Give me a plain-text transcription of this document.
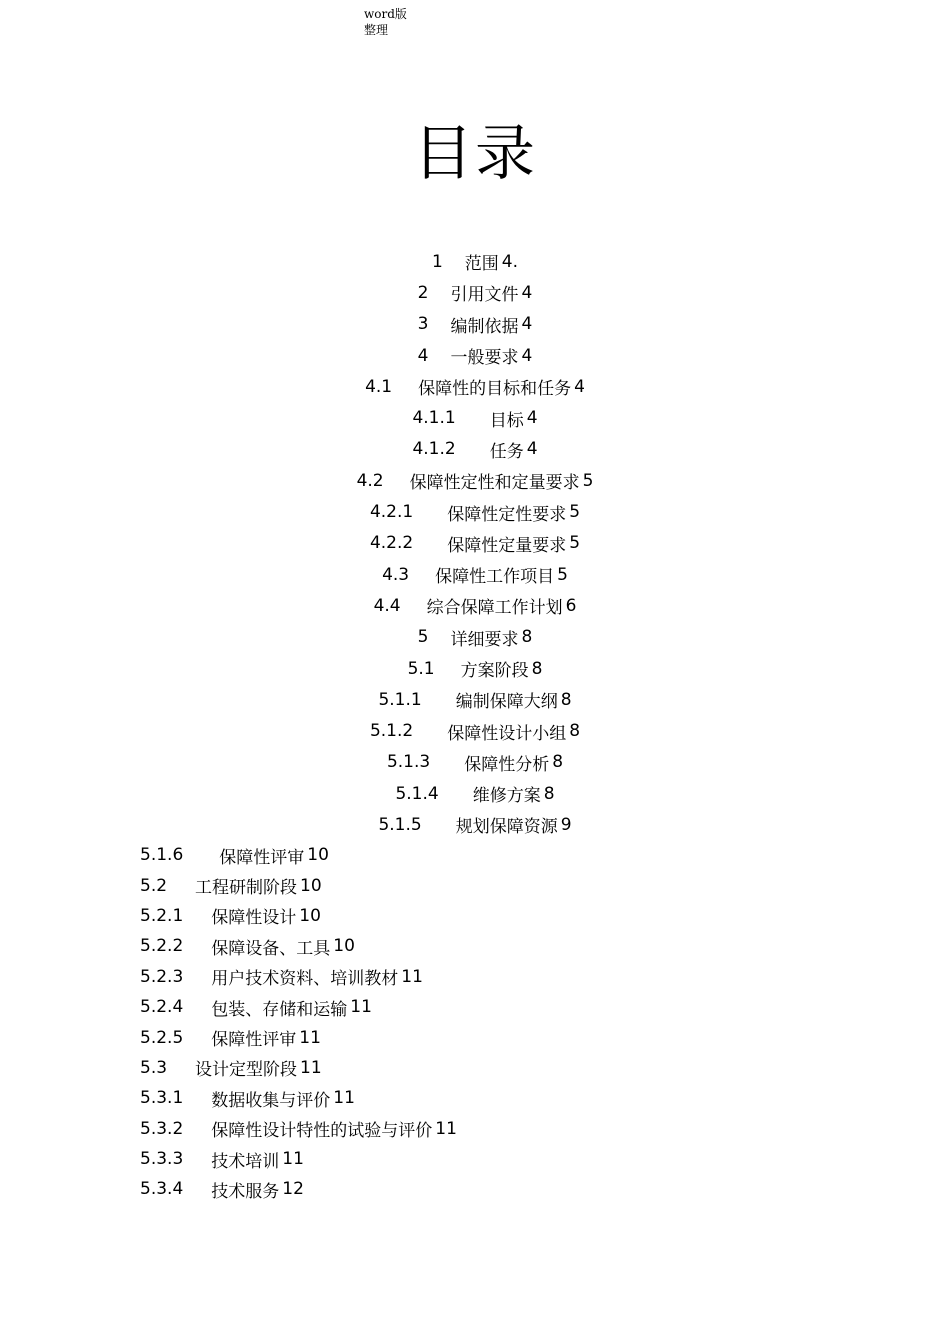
word版
整理
目录
1 范围 4.
2 引用文件 4
3 编制依据 4
4 一般要求 4
4.1 保障性的目标和任务 4
4.1.1 目标 4
4.1.2 任务 4
4.2 保障性定性和定量要求 5
4.2.1 保障性定性要求 5
4.2.2 保障性定量要求 5
4.3 保障性工作项目 5
4.4 综合保障工作计划 6
5 详细要求 8
5.1 方案阶段 8
5.1.1 编制保障大纲 8
5.1.2 保障性设计小组 8
5.1.3 保障性分析 8
5.1.4 维修方案 8
5.1.5 规划保障资源 9
5.1.6 保障性评审 10
5.2 工程研制阶段 10
5.2.1 保障性设计 10
5.2.2 保障设备、工具 10
5.2.3 用户技术资料、培训教材 11
5.2.4 包装、存储和运输 11
5.2.5 保障性评审 11
5.3 设计定型阶段 11
5.3.1 数据收集与评价 11
5.3.2 保障性设计特性的试验与评价 11
5.3.3 技术培训 11
5.3.4 技术服务 12
